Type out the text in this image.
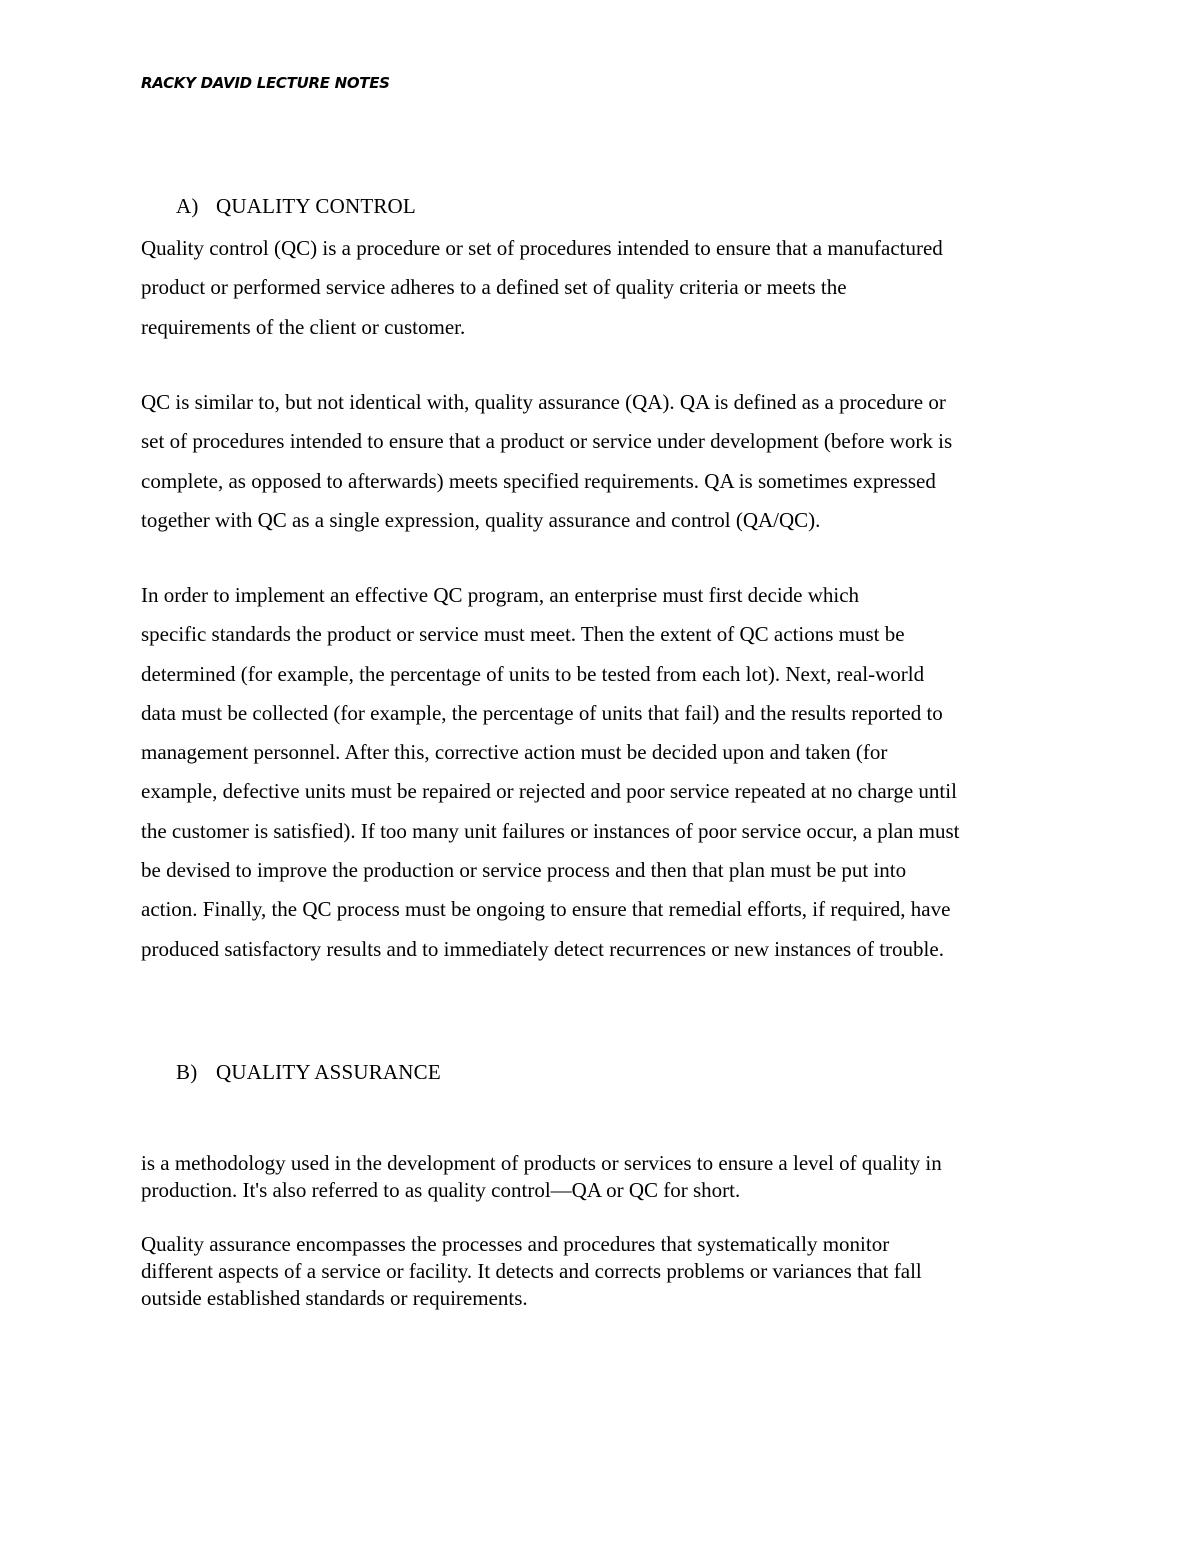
RACKY DAVID LECTURE NOTES
A) QUALITY CONTROL

Quality control (QC) is a procedure or set of procedures intended to ensure that a manufactured
product or performed service adheres to a defined set of quality criteria or meets the
requirements of the client or customer.

QC is similar to, but not identical with, quality assurance (QA). QA is defined as a procedure or
set of procedures intended to ensure that a product or service under development (before work is
complete, as opposed to afterwards) meets specified requirements. QA is sometimes expressed
together with QC as a single expression, quality assurance and control (QA/QC).

In order to implement an effective QC program, an enterprise must first decide which
specific standards the product or service must meet. Then the extent of QC actions must be
determined (for example, the percentage of units to be tested from each lot). Next, real-world
data must be collected (for example, the percentage of units that fail) and the results reported to
management personnel. After this, corrective action must be decided upon and taken (for
example, defective units must be repaired or rejected and poor service repeated at no charge until
the customer is satisfied). If too many unit failures or instances of poor service occur, a plan must
be devised to improve the production or service process and then that plan must be put into
action. Finally, the QC process must be ongoing to ensure that remedial efforts, if required, have
produced satisfactory results and to immediately detect recurrences or new instances of trouble.

B) QUALITY ASSURANCE

is a methodology used in the development of products or services to ensure a level of quality in
production. It's also referred to as quality control—QA or QC for short.

Quality assurance encompasses the processes and procedures that systematically monitor
different aspects of a service or facility. It detects and corrects problems or variances that fall
outside established standards or requirements.
